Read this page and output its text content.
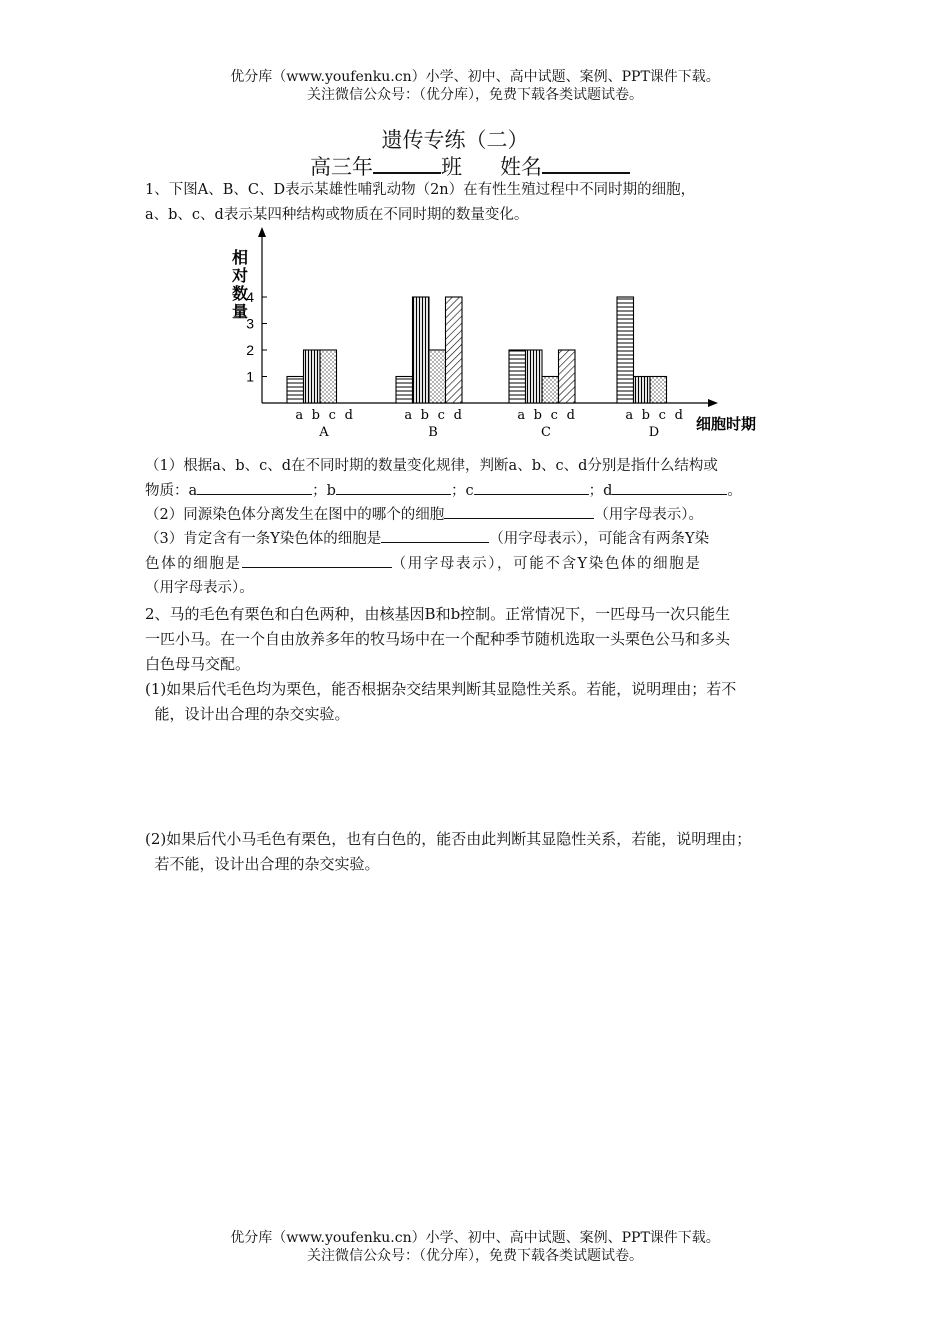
优分库（www.youfenku.cn）小学、初中、高中试题、案例、PPT课件下载。
关注微信公众号：（优分库），免费下载各类试题试卷。
遗传专练（二）
高三年	班 姓名
1、下图A、B、C、D表示某雄性哺乳动物（2n）在有性生殖过程中不同时期的细胞，
a、b、c、d表示某四种结构或物质在不同时期的数量变化。
1
2
3
4
相
对
数
量
细胞时期
a b c d
A
a b c d
B
a b c d
C
a b c d
D
（1）根据a、b、c、d在不同时期的数量变化规律，判断a、b、c、d分别是指什么结构或
物质：a	；b	；c	；d	。
（2）同源染色体分离发生在图中的哪个的细胞	（用字母表示）。
（3）肯定含有一条Y染色体的细胞是	（用字母表示），可能含有两条Y染
色体的细胞是	（用字母表示），可能不含Y染色体的细胞是
（用字母表示）。
2、马的毛色有栗色和白色两种，由核基因B和b控制。正常情况下，一匹母马一次只能生
一匹小马。在一个自由放养多年的牧马场中在一个配种季节随机选取一头栗色公马和多头
白色母马交配。
(1)如果后代毛色均为栗色，能否根据杂交结果判断其显隐性关系。若能，说明理由；若不
能，设计出合理的杂交实验。
(2)如果后代小马毛色有栗色，也有白色的，能否由此判断其显隐性关系，若能，说明理由；
若不能，设计出合理的杂交实验。
优分库（www.youfenku.cn）小学、初中、高中试题、案例、PPT课件下载。
关注微信公众号：（优分库），免费下载各类试题试卷。
